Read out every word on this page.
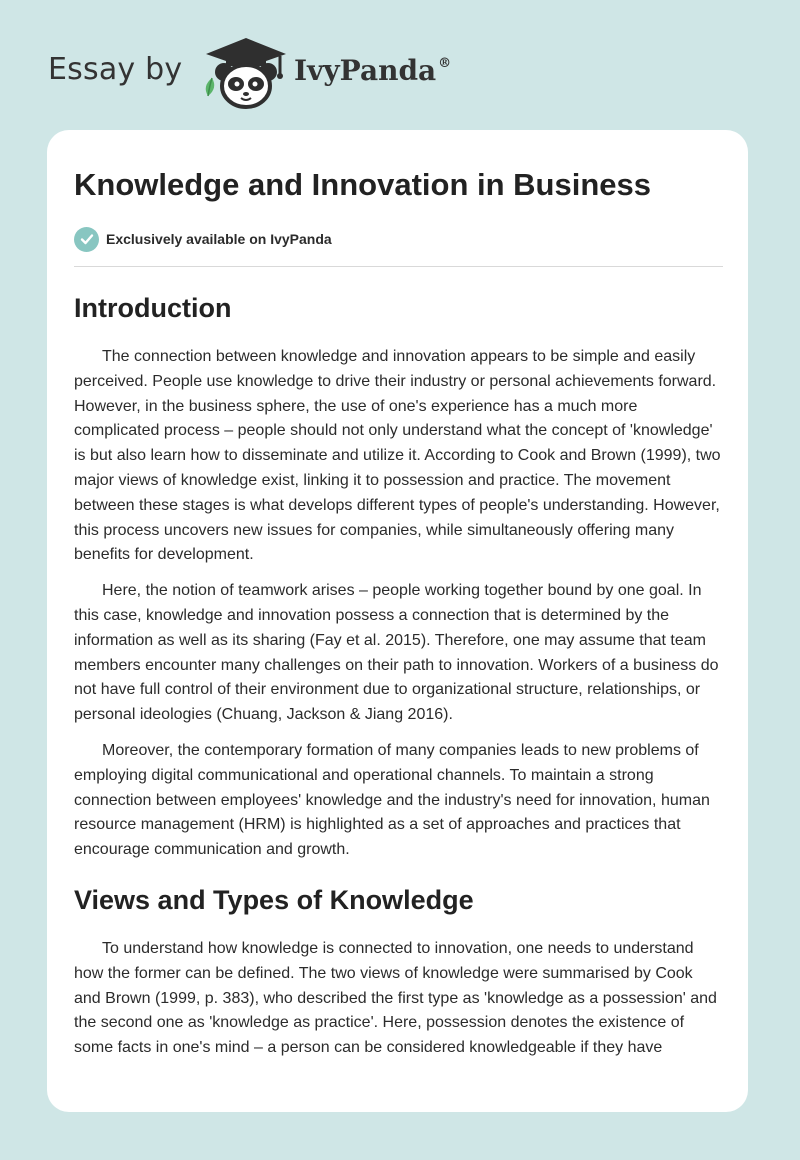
Essay by	IvyPanda ®
Knowledge and Innovation in Business
Exclusively available on IvyPanda
Introduction

The connection between knowledge and innovation appears to be simple and easily perceived. People use knowledge to drive their industry or personal achievements forward. However, in the business sphere, the use of one's experience has a much more complicated process – people should not only understand what the concept of 'knowledge' is but also learn how to disseminate and utilize it. According to Cook and Brown (1999), two major views of knowledge exist, linking it to possession and practice. The movement between these stages is what develops different types of people's understanding. However, this process uncovers new issues for companies, while simultaneously offering many benefits for development.

Here, the notion of teamwork arises – people working together bound by one goal. In this case, knowledge and innovation possess a connection that is determined by the information as well as its sharing (Fay et al. 2015). Therefore, one may assume that team members encounter many challenges on their path to innovation. Workers of a business do not have full control of their environment due to organizational structure, relationships, or personal ideologies (Chuang, Jackson & Jiang 2016).

Moreover, the contemporary formation of many companies leads to new problems of employing digital communicational and operational channels. To maintain a strong connection between employees' knowledge and the industry's need for innovation, human resource management (HRM) is highlighted as a set of approaches and practices that encourage communication and growth.

Views and Types of Knowledge

To understand how knowledge is connected to innovation, one needs to understand how the former can be defined. The two views of knowledge were summarised by Cook and Brown (1999, p. 383), who described the first type as 'knowledge as a possession' and the second one as 'knowledge as practice'. Here, possession denotes the existence of some facts in one's mind – a person can be considered knowledgeable if they have
